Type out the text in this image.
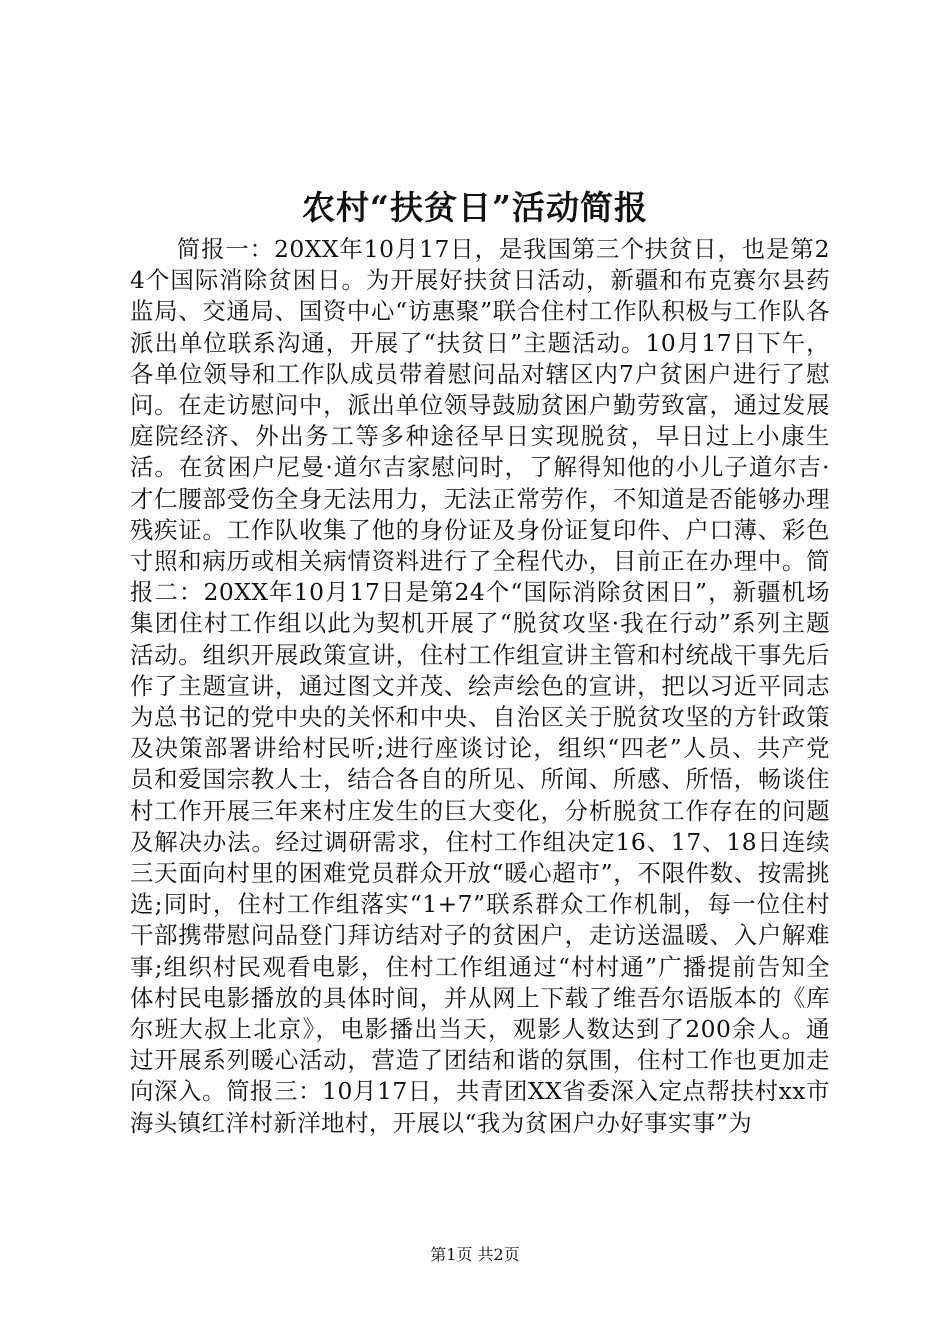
农村“扶贫日”活动简报

简报一：20XX年10月17日，是我国第三个扶贫日，也是第24个国际消除贫困日。为开展好扶贫日活动，新疆和布克赛尔县药监局、交通局、国资中心“访惠聚”联合住村工作队积极与工作队各派出单位联系沟通，开展了“扶贫日”主题活动。10月17日下午，各单位领导和工作队成员带着慰问品对辖区内7户贫困户进行了慰问。在走访慰问中，派出单位领导鼓励贫困户勤劳致富，通过发展庭院经济、外出务工等多种途径早日实现脱贫，早日过上小康生活。在贫困户尼曼·道尔吉家慰问时，了解得知他的小儿子道尔吉·才仁腰部受伤全身无法用力，无法正常劳作，不知道是否能够办理残疾证。工作队收集了他的身份证及身份证复印件、户口薄、彩色寸照和病历或相关病情资料进行了全程代办，目前正在办理中。简报二：20XX年10月17日是第24个“国际消除贫困日”，新疆机场集团住村工作组以此为契机开展了“脱贫攻坚·我在行动”系列主题活动。组织开展政策宣讲，住村工作组宣讲主管和村统战干事先后作了主题宣讲，通过图文并茂、绘声绘色的宣讲，把以习近平同志为总书记的党中央的关怀和中央、自治区关于脱贫攻坚的方针政策及决策部署讲给村民听;进行座谈讨论，组织“四老”人员、共产党员和爱国宗教人士，结合各自的所见、所闻、所感、所悟，畅谈住村工作开展三年来村庄发生的巨大变化，分析脱贫工作存在的问题及解决办法。经过调研需求，住村工作组决定16、17、18日连续三天面向村里的困难党员群众开放“暖心超市”，不限件数、按需挑选;同时，住村工作组落实“1+7”联系群众工作机制，每一位住村干部携带慰问品登门拜访结对子的贫困户，走访送温暖、入户解难事;组织村民观看电影，住村工作组通过“村村通”广播提前告知全体村民电影播放的具体时间，并从网上下载了维吾尔语版本的《库尔班大叔上北京》，电影播出当天，观影人数达到了200余人。通过开展系列暖心活动，营造了团结和谐的氛围，住村工作也更加走向深入。简报三：10月17日，共青团XX省委深入定点帮扶村xx市海头镇红洋村新洋地村，开展以“我为贫困户办好事实事”为

第1页 共2页
